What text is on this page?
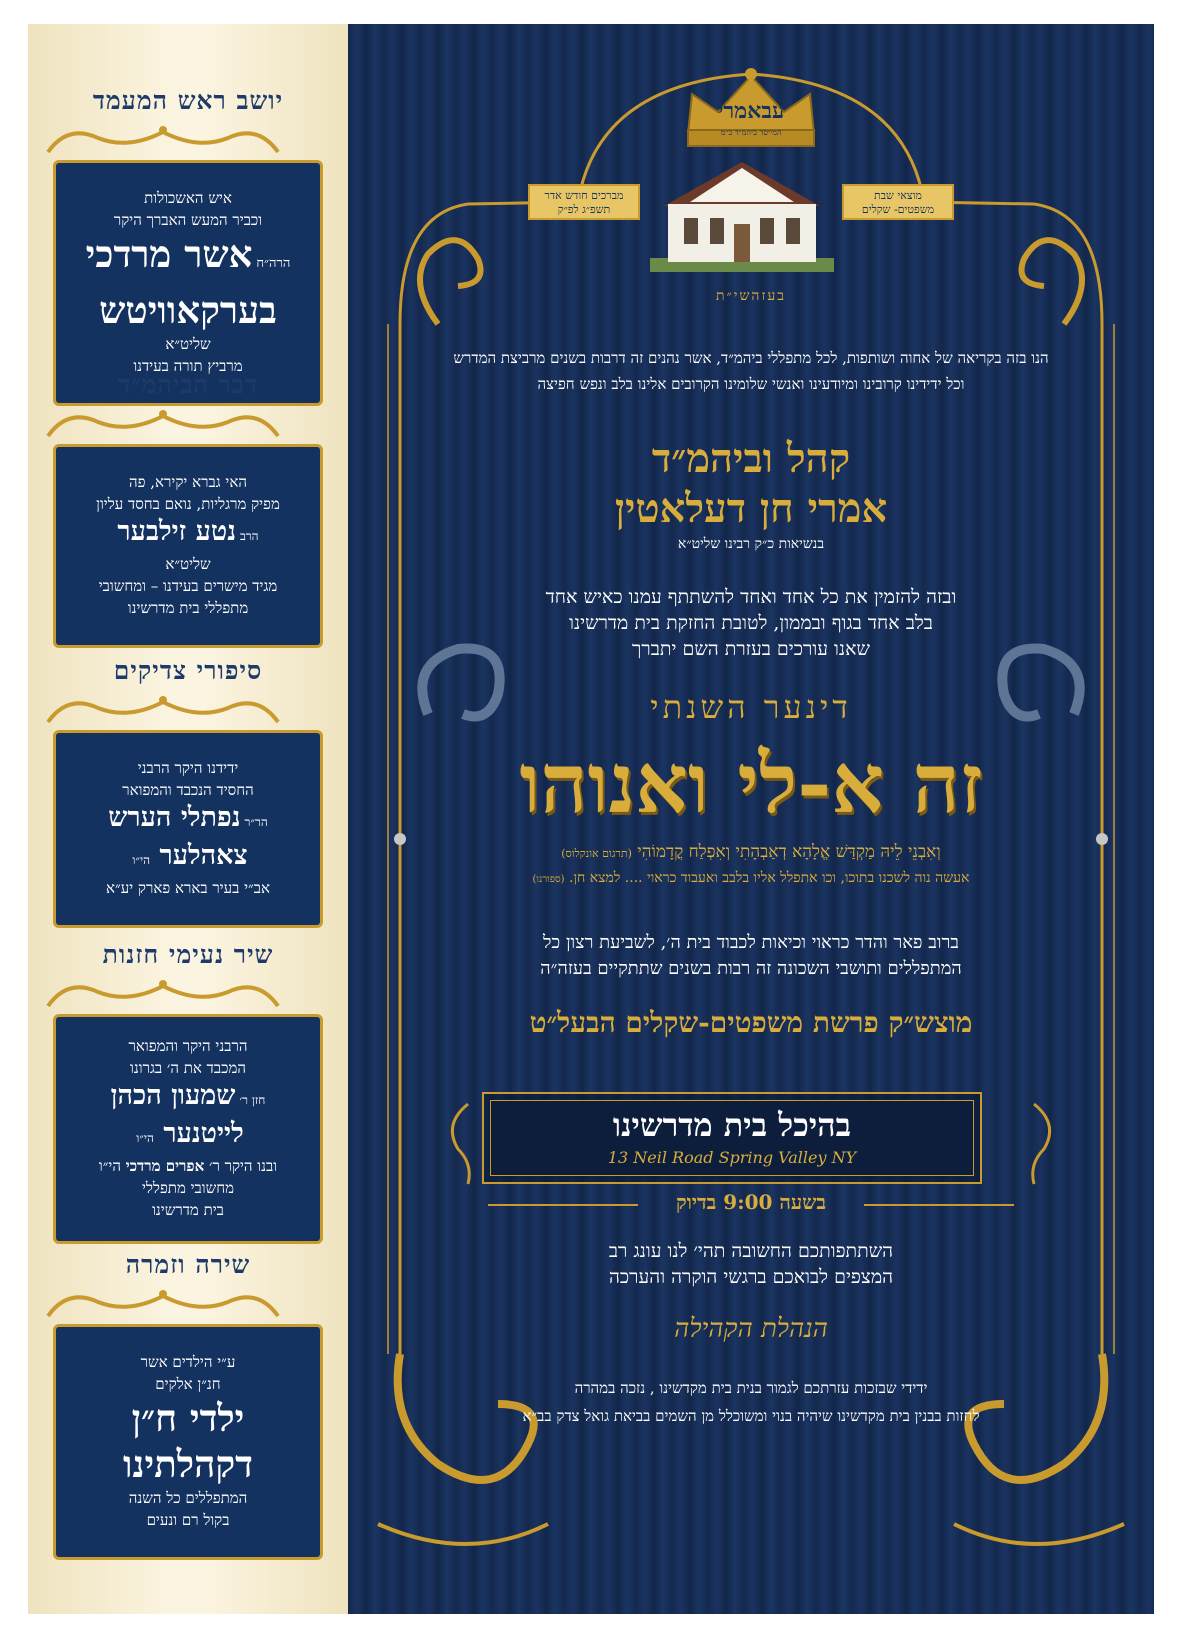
יושב ראש המעמד
איש האשכולות
וכביר המעש האברך היקר
הרה״חאשר מרדכי
בערקאוויטש
שליט״א
מרביץ תורה בעידנו
דבר הביהמ״ד
האי גברא יקירא, פה
מפיק מרגליות, נואם בחסד עליון
הרבנטע זילבער
שליט״א
מגיד מישרים בעידנו – ומחשובי
מתפללי בית מדרשינו
סיפורי צדיקים
ידידנו היקר הרבני
החסיד הנכבד והמפואר
הר״רנפתלי הערש
צאהלער הי״ו
אב״י בעיר בארא פארק יע״א
שיר נעימי חזנות
הרבני היקר והמפואר
המכבד את ה׳ בגרונו
חזן ר׳שמעון הכהן
לייטנער הי״ו
ובנו היקר ר׳ אפרים מרדכי הי״ו
מחשובי מתפללי
בית מדרשינו
שירה וזמרה
ע״י הילדים אשר
חנ״ן אלקים
ילדי ח״ן
דקהלתינו
המתפללים כל השנה
בקול רם ונעים
עבאמרי
המייסד ביהמ״ד ב״מ
מברכים חודש אדר
תשפ״ג לפ״ק
מוצאי שבת
משפטים- שקלים
בעזהשי״ת
הנו בזה בקריאה של אחוה ושותפות, לכל מתפללי ביהמ״ד, אשר נהנים זה דרבות בשנים מרביצת המדרש
וכל ידידינו קרובינו ומיודעינו ואנשי שלומינו הקרובים אלינו בלב ונפש חפיצה
קהל וביהמ״ד
אמרי חן דעלאטין
בנשיאות כ״ק רבינו שליט״א
ובזה להזמין את כל אחד ואחד להשתתף עמנו כאיש אחד
בלב אחד בגוף ובממון, לטובת החזקת בית מדרשינו
שאנו עורכים בעזרת השם יתברך
דינער השנתי
זה א-לי ואנוהו
וְאִבְנֵי לֵיהּ מַקְדַּשׁ אֱלָהָא דְאַבְהָתִי וְאִפְלַח קֳדָמוֹהִי (תרגום אונקלוס)
אעשה נוה לשכנו בתוכו, וכו אתפלל אליו בלבב ואעבוד כראוי .... למצא חן. (ספורנו)
ברוב פאר והדר כראוי וכיאות לכבוד בית ה׳, לשביעת רצון כל
המתפללים ותושבי השכונה זה רבות בשנים שתתקיים בעזה״ה
מוצש״ק פרשת משפטים-שקלים הבעל״ט
בהיכל בית מדרשינו
13 Neil Road Spring Valley NY
בשעה 9:00 בדיוק
השתתפותכם החשובה תהי׳ לנו עונג רב
המצפים לבואכם ברגשי הוקרה והערכה
הנהלת הקהילה
ידידי שבזכות עזרתכם לגמור בנית בית מקדשינו , נזכה במהרה
לחזות בבנין בית מקדשינו שיהיה בנוי ומשוכלל מן השמים בביאת גואל צדק בב״א
